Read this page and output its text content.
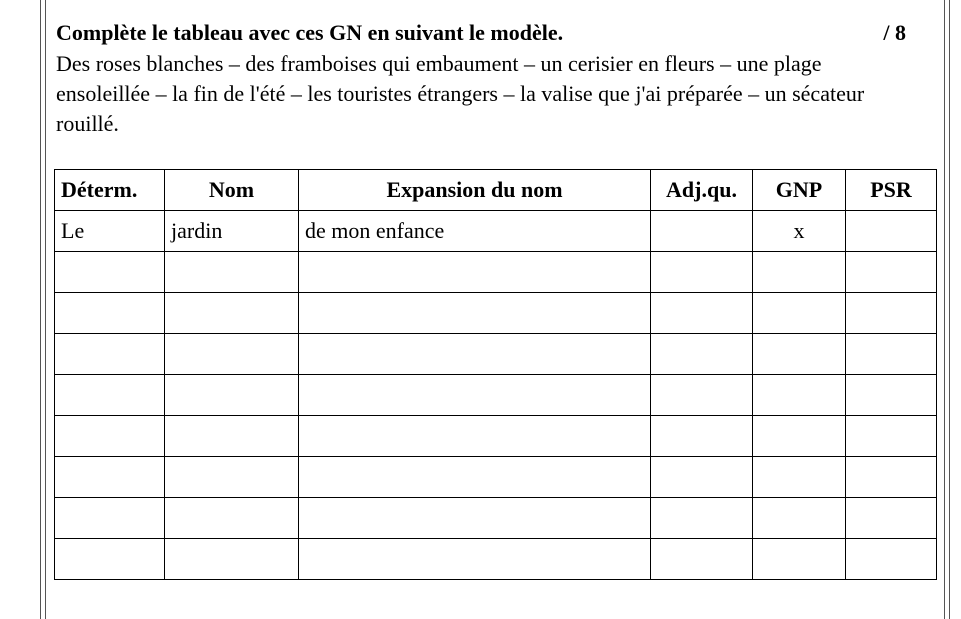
Complète le tableau avec ces GN en suivant le modèle.	/ 8
Des roses blanches – des framboises qui embaument – un cerisier en fleurs – une plage ensoleillée – la fin de l'été – les touristes étrangers – la valise que j'ai préparée – un sécateur rouillé.
Déterm.	Nom	Expansion du nom	Adj.qu.	GNP	PSR
Le	jardin	de mon enfance		x	
